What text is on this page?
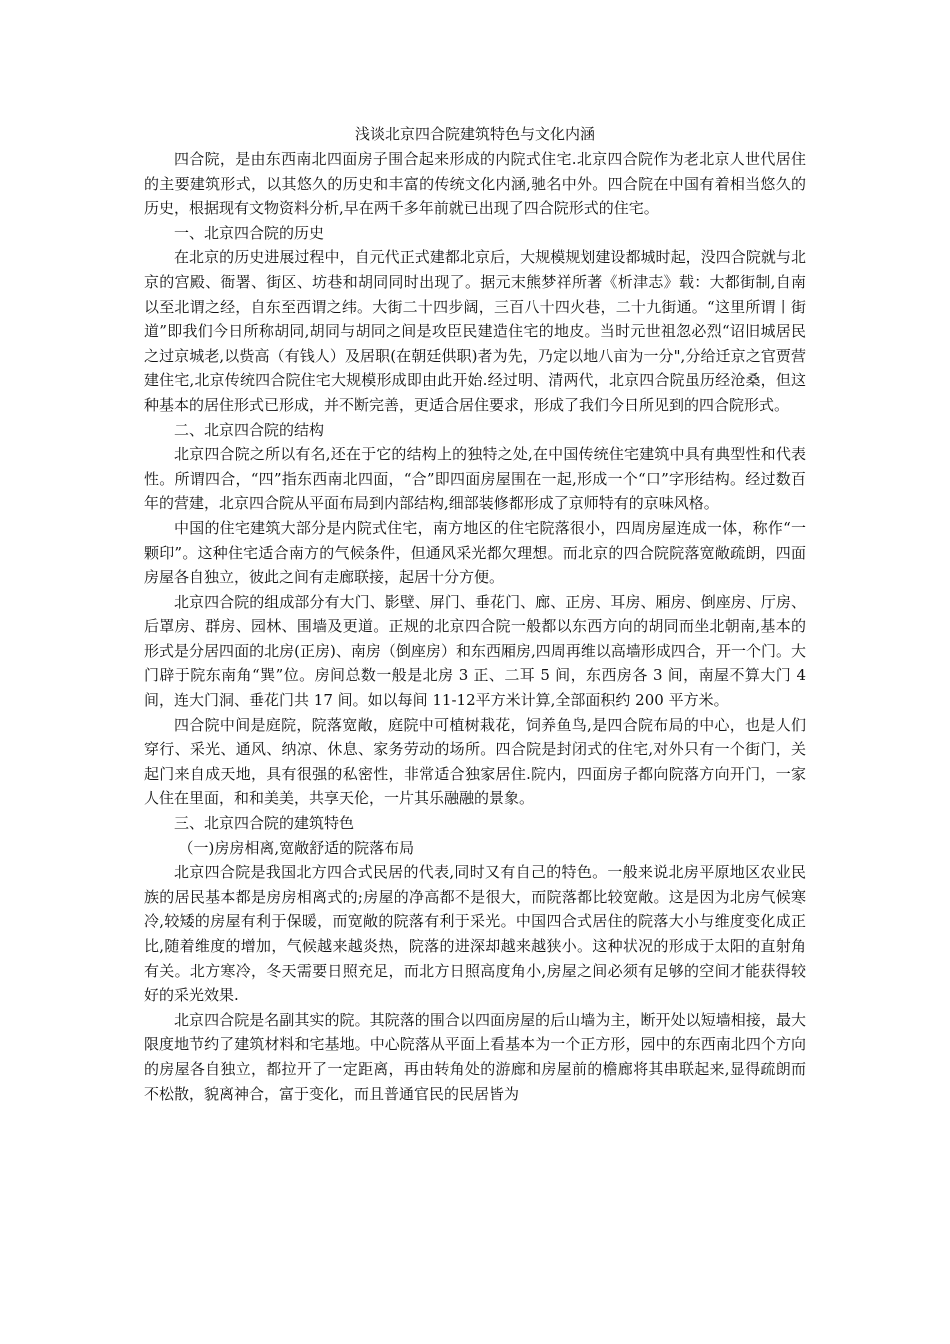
浅谈北京四合院建筑特色与文化内涵

四合院，是由东西南北四面房子围合起来形成的内院式住宅.北京四合院作为老北京人世代居住的主要建筑形式，以其悠久的历史和丰富的传统文化内涵,驰名中外。四合院在中国有着相当悠久的历史，根据现有文物资料分析,早在两千多年前就已出现了四合院形式的住宅。

一、北京四合院的历史

在北京的历史进展过程中，自元代正式建都北京后，大规模规划建设都城时起，没四合院就与北京的宫殿、衙署、街区、坊巷和胡同同时出现了。据元末熊梦祥所著《析津志》载：大都街制,自南以至北谓之经，自东至西谓之纬。大街二十四步阔，三百八十四火巷，二十九街通。“这里所谓丨街道”即我们今日所称胡同,胡同与胡同之间是攻臣民建造住宅的地皮。当时元世祖忽必烈“诏旧城居民之过京城老,以赀高（有钱人）及居职(在朝廷供职)者为先，乃定以地八亩为一分",分给迁京之官贾营建住宅,北京传统四合院住宅大规模形成即由此开始.经过明、清两代，北京四合院虽历经沧桑，但这种基本的居住形式已形成，并不断完善，更适合居住要求，形成了我们今日所见到的四合院形式。

二、北京四合院的结构

北京四合院之所以有名,还在于它的结构上的独特之处,在中国传统住宅建筑中具有典型性和代表性。所谓四合，“四”指东西南北四面，“合”即四面房屋围在一起,形成一个“口”字形结构。经过数百年的营建，北京四合院从平面布局到内部结构,细部装修都形成了京师特有的京味风格。

中国的住宅建筑大部分是内院式住宅，南方地区的住宅院落很小，四周房屋连成一体，称作“一颗印”。这种住宅适合南方的气候条件，但通风采光都欠理想。而北京的四合院院落宽敞疏朗，四面房屋各自独立，彼此之间有走廊联接，起居十分方便。

北京四合院的组成部分有大门、影壁、屏门、垂花门、廊、正房、耳房、厢房、倒座房、厅房、后罩房、群房、园林、围墙及更道。正规的北京四合院一般都以东西方向的胡同而坐北朝南,基本的形式是分居四面的北房(正房)、南房（倒座房）和东西厢房,四周再维以高墙形成四合，开一个门。大门辟于院东南角“巽”位。房间总数一般是北房 3 正、二耳 5 间，东西房各 3 间，南屋不算大门 4 间，连大门洞、垂花门共 17 间。如以每间 11-12平方米计算,全部面积约 200 平方米。

四合院中间是庭院，院落宽敞，庭院中可植树栽花，饲养鱼鸟,是四合院布局的中心，也是人们穿行、采光、通风、纳凉、休息、家务劳动的场所。四合院是封闭式的住宅,对外只有一个街门，关起门来自成天地，具有很强的私密性，非常适合独家居住.院内，四面房子都向院落方向开门，一家人住在里面，和和美美，共享天伦，一片其乐融融的景象。

三、北京四合院的建筑特色

（一)房房相离,宽敞舒适的院落布局

北京四合院是我国北方四合式民居的代表,同时又有自己的特色。一般来说北房平原地区农业民族的居民基本都是房房相离式的;房屋的净高都不是很大，而院落都比较宽敞。这是因为北房气候寒冷,较矮的房屋有利于保暖，而宽敞的院落有利于采光。中国四合式居住的院落大小与维度变化成正比,随着维度的增加，气候越来越炎热，院落的进深却越来越狭小。这种状况的形成于太阳的直射角有关。北方寒冷，冬天需要日照充足，而北方日照高度角小,房屋之间必须有足够的空间才能获得较好的采光效果.

北京四合院是名副其实的院。其院落的围合以四面房屋的后山墙为主，断开处以短墙相接，最大限度地节约了建筑材料和宅基地。中心院落从平面上看基本为一个正方形，园中的东西南北四个方向的房屋各自独立，都拉开了一定距离，再由转角处的游廊和房屋前的檐廊将其串联起来,显得疏朗而不松散，貌离神合，富于变化，而且普通官民的民居皆为
